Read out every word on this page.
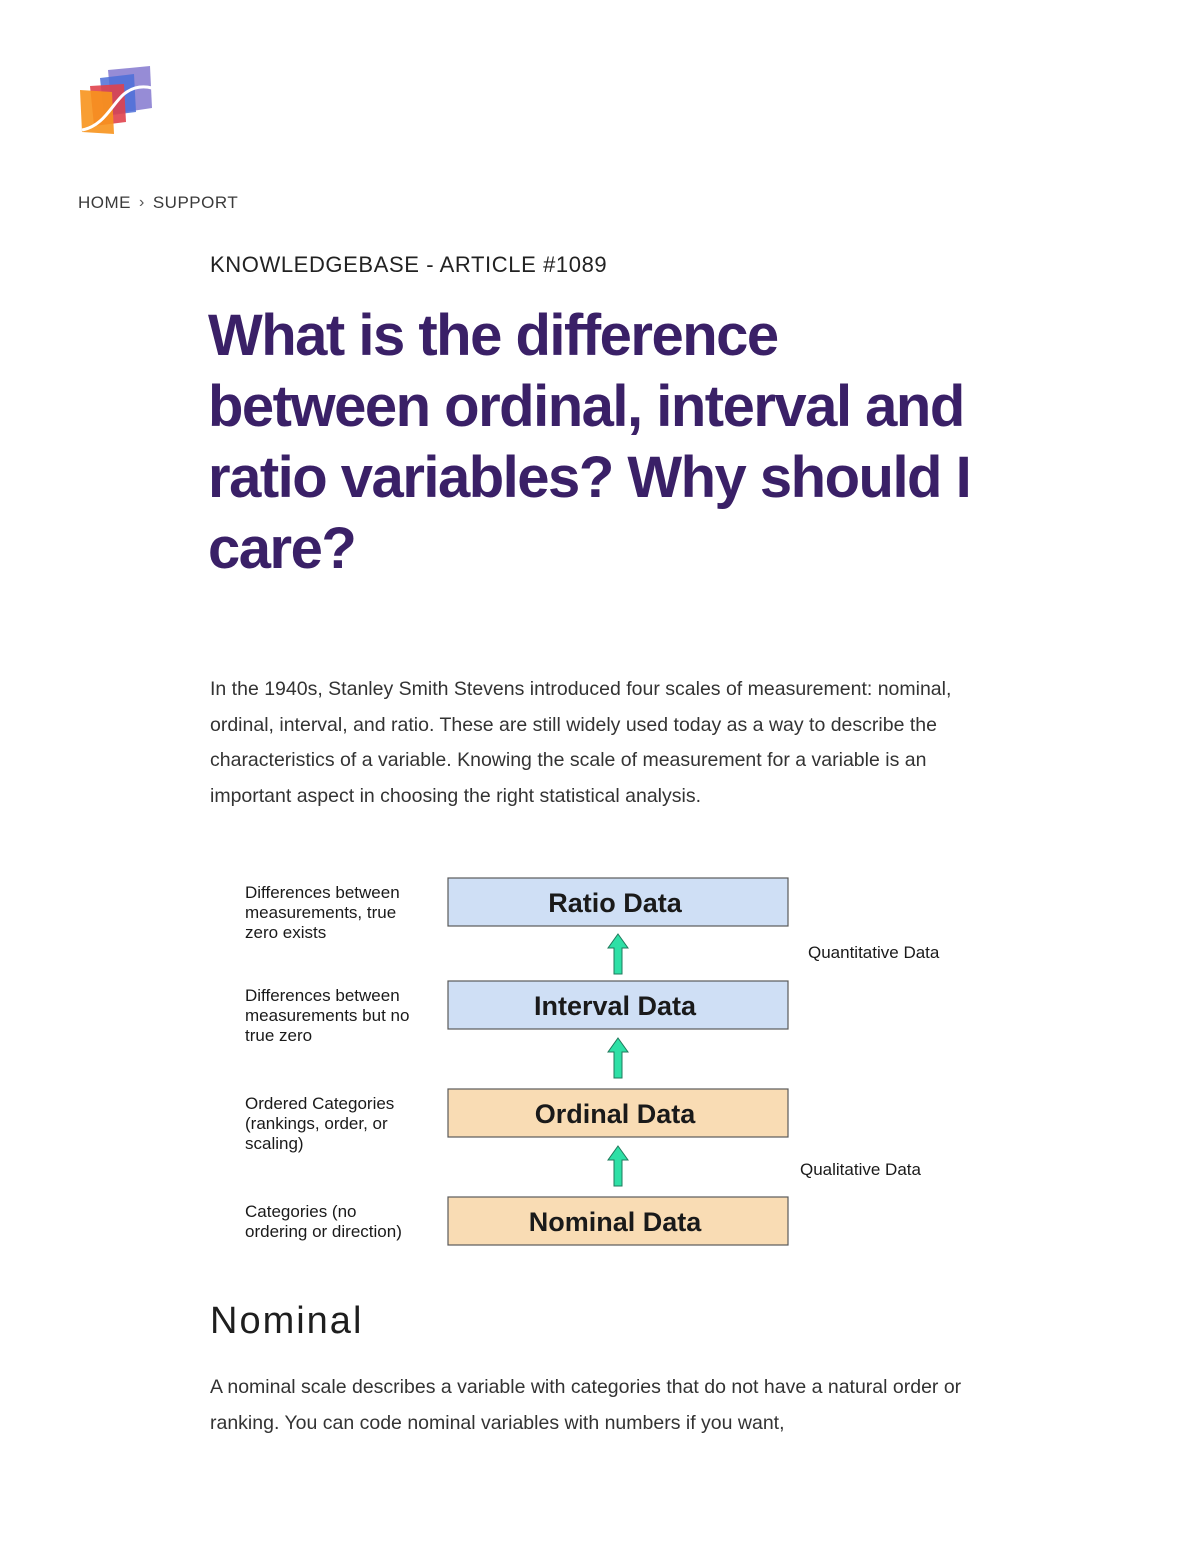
HOME › SUPPORT
KNOWLEDGEBASE - ARTICLE #1089
What is the difference between ordinal, interval and ratio variables? Why should I care?

In the 1940s, Stanley Smith Stevens introduced four scales of measurement: nominal, ordinal, interval, and ratio. These are still widely used today as a way to describe the characteristics of a variable. Knowing the scale of measurement for a variable is an important aspect in choosing the right statistical analysis.

Ratio Data
Differences between
measurements, true
zero exists
Interval Data
Differences between
measurements but no
true zero
Ordinal Data
Ordered Categories
(rankings, order, or
scaling)
Nominal Data
Categories (no
ordering or direction)
Quantitative Data
Qualitative Data
Nominal

A nominal scale describes a variable with categories that do not have a natural order or ranking. You can code nominal variables with numbers if you want,
